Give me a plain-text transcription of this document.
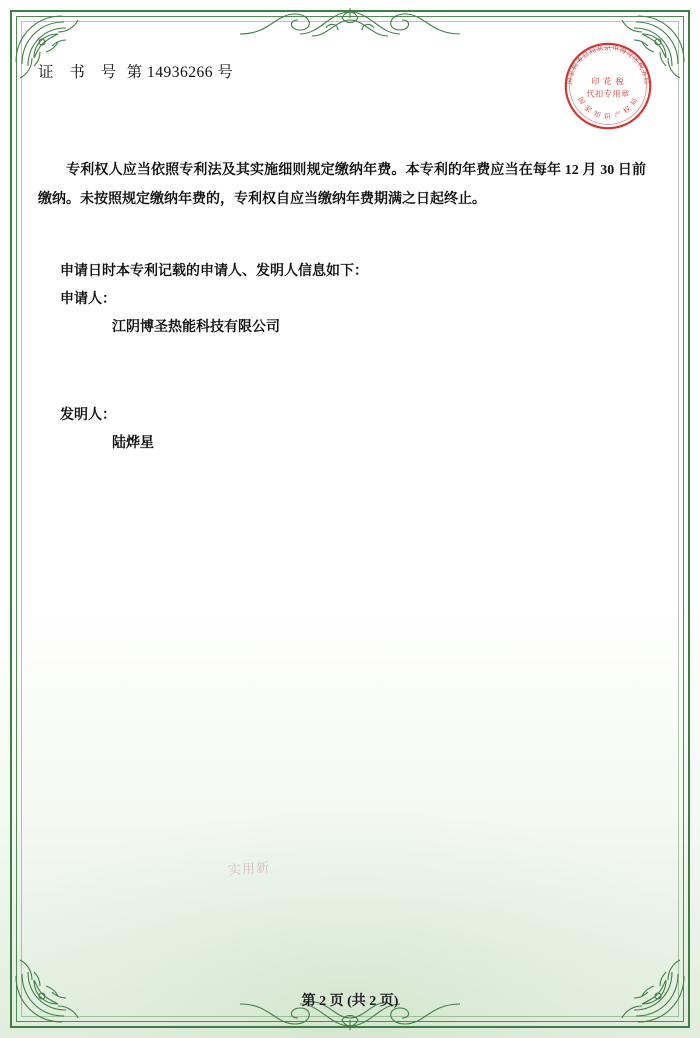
国家税务总局北京市海淀区税务局
国 家 知 识 产 权 局
印 花 税
代扣专用章
证 书 号 第 14936266 号
专利权人应当依照专利法及其实施细则规定缴纳年费。本专利的年费应当在每年 12 月 30 日前缴纳。未按照规定缴纳年费的，专利权自应当缴纳年费期满之日起终止。
申请日时本专利记载的申请人、发明人信息如下：
申请人：
江阴博圣热能科技有限公司
发明人：
陆烨星
实用新
第 2 页 (共 2 页)
